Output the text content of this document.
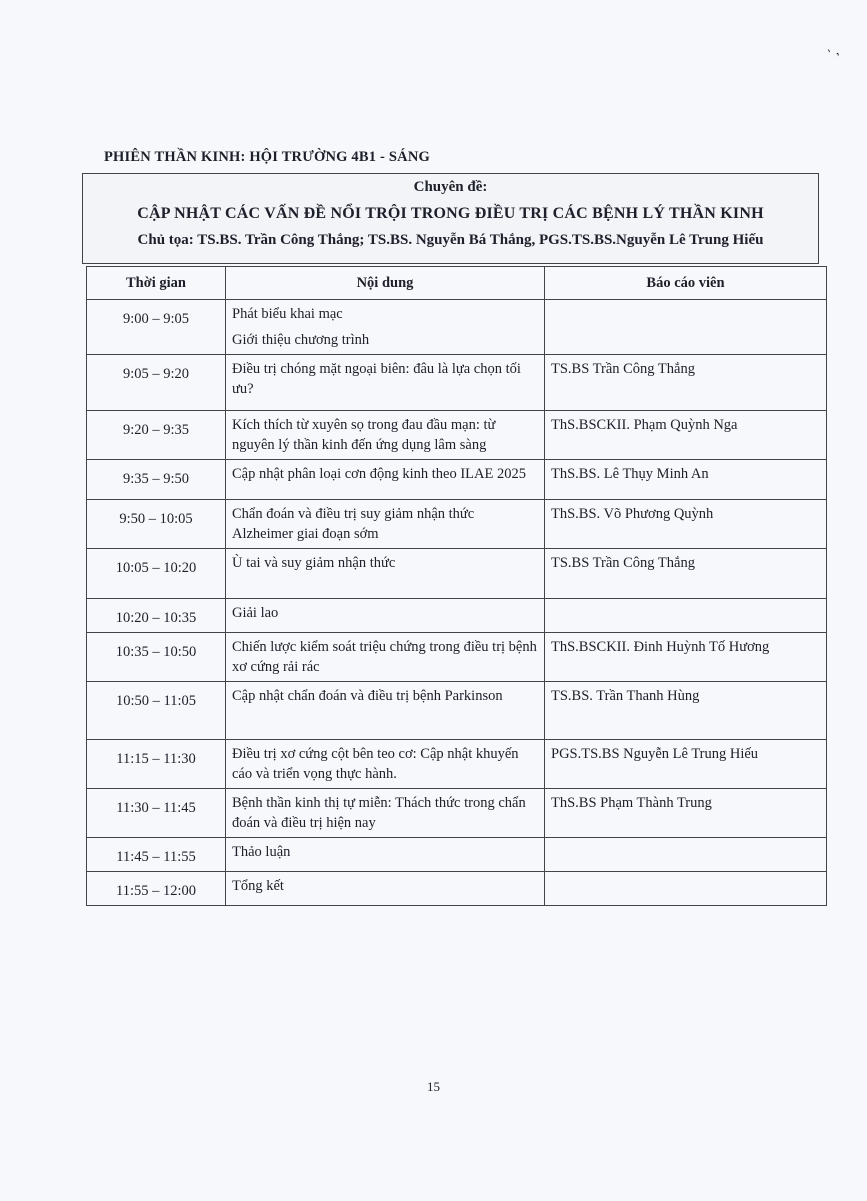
' ,
PHIÊN THẦN KINH: HỘI TRƯỜNG 4B1 - SÁNG
Chuyên đề:
CẬP NHẬT CÁC VẤN ĐỀ NỔI TRỘI TRONG ĐIỀU TRỊ CÁC BỆNH LÝ THẦN KINH
Chủ tọa: TS.BS. Trần Công Thắng; TS.BS. Nguyễn Bá Thắng, PGS.TS.BS.Nguyễn Lê Trung Hiếu
Thời gian	Nội dung	Báo cáo viên
9:00 – 9:05	Phát biểu khai mạc
Giới thiệu chương trình	

9:05 – 9:20	Điều trị chóng mặt ngoại biên: đâu là lựa chọn tối ưu?	TS.BS Trần Công Thắng
9:20 – 9:35	Kích thích từ xuyên sọ trong đau đầu mạn: từ nguyên lý thần kinh đến ứng dụng lâm sàng	ThS.BSCKII. Phạm Quỳnh Nga
9:35 – 9:50	Cập nhật phân loại cơn động kinh theo ILAE 2025	ThS.BS. Lê Thụy Minh An
9:50 – 10:05	Chẩn đoán và điều trị suy giảm nhận thức Alzheimer giai đoạn sớm	ThS.BS. Võ Phương Quỳnh
10:05 – 10:20	Ù tai và suy giảm nhận thức	TS.BS Trần Công Thắng
10:20 – 10:35	Giải lao	
10:35 – 10:50	Chiến lược kiểm soát triệu chứng trong điều trị bệnh xơ cứng rải rác	ThS.BSCKII. Đinh Huỳnh Tố Hương
10:50 – 11:05	Cập nhật chẩn đoán và điều trị bệnh Parkinson	TS.BS. Trần Thanh Hùng
11:15 – 11:30	Điều trị xơ cứng cột bên teo cơ: Cập nhật khuyến cáo và triển vọng thực hành.	PGS.TS.BS Nguyễn Lê Trung Hiếu
11:30 – 11:45	Bệnh thần kinh thị tự miễn: Thách thức trong chẩn đoán và điều trị hiện nay	ThS.BS Phạm Thành Trung
11:45 – 11:55	Thảo luận	
11:55 – 12:00	Tổng kết	
15
